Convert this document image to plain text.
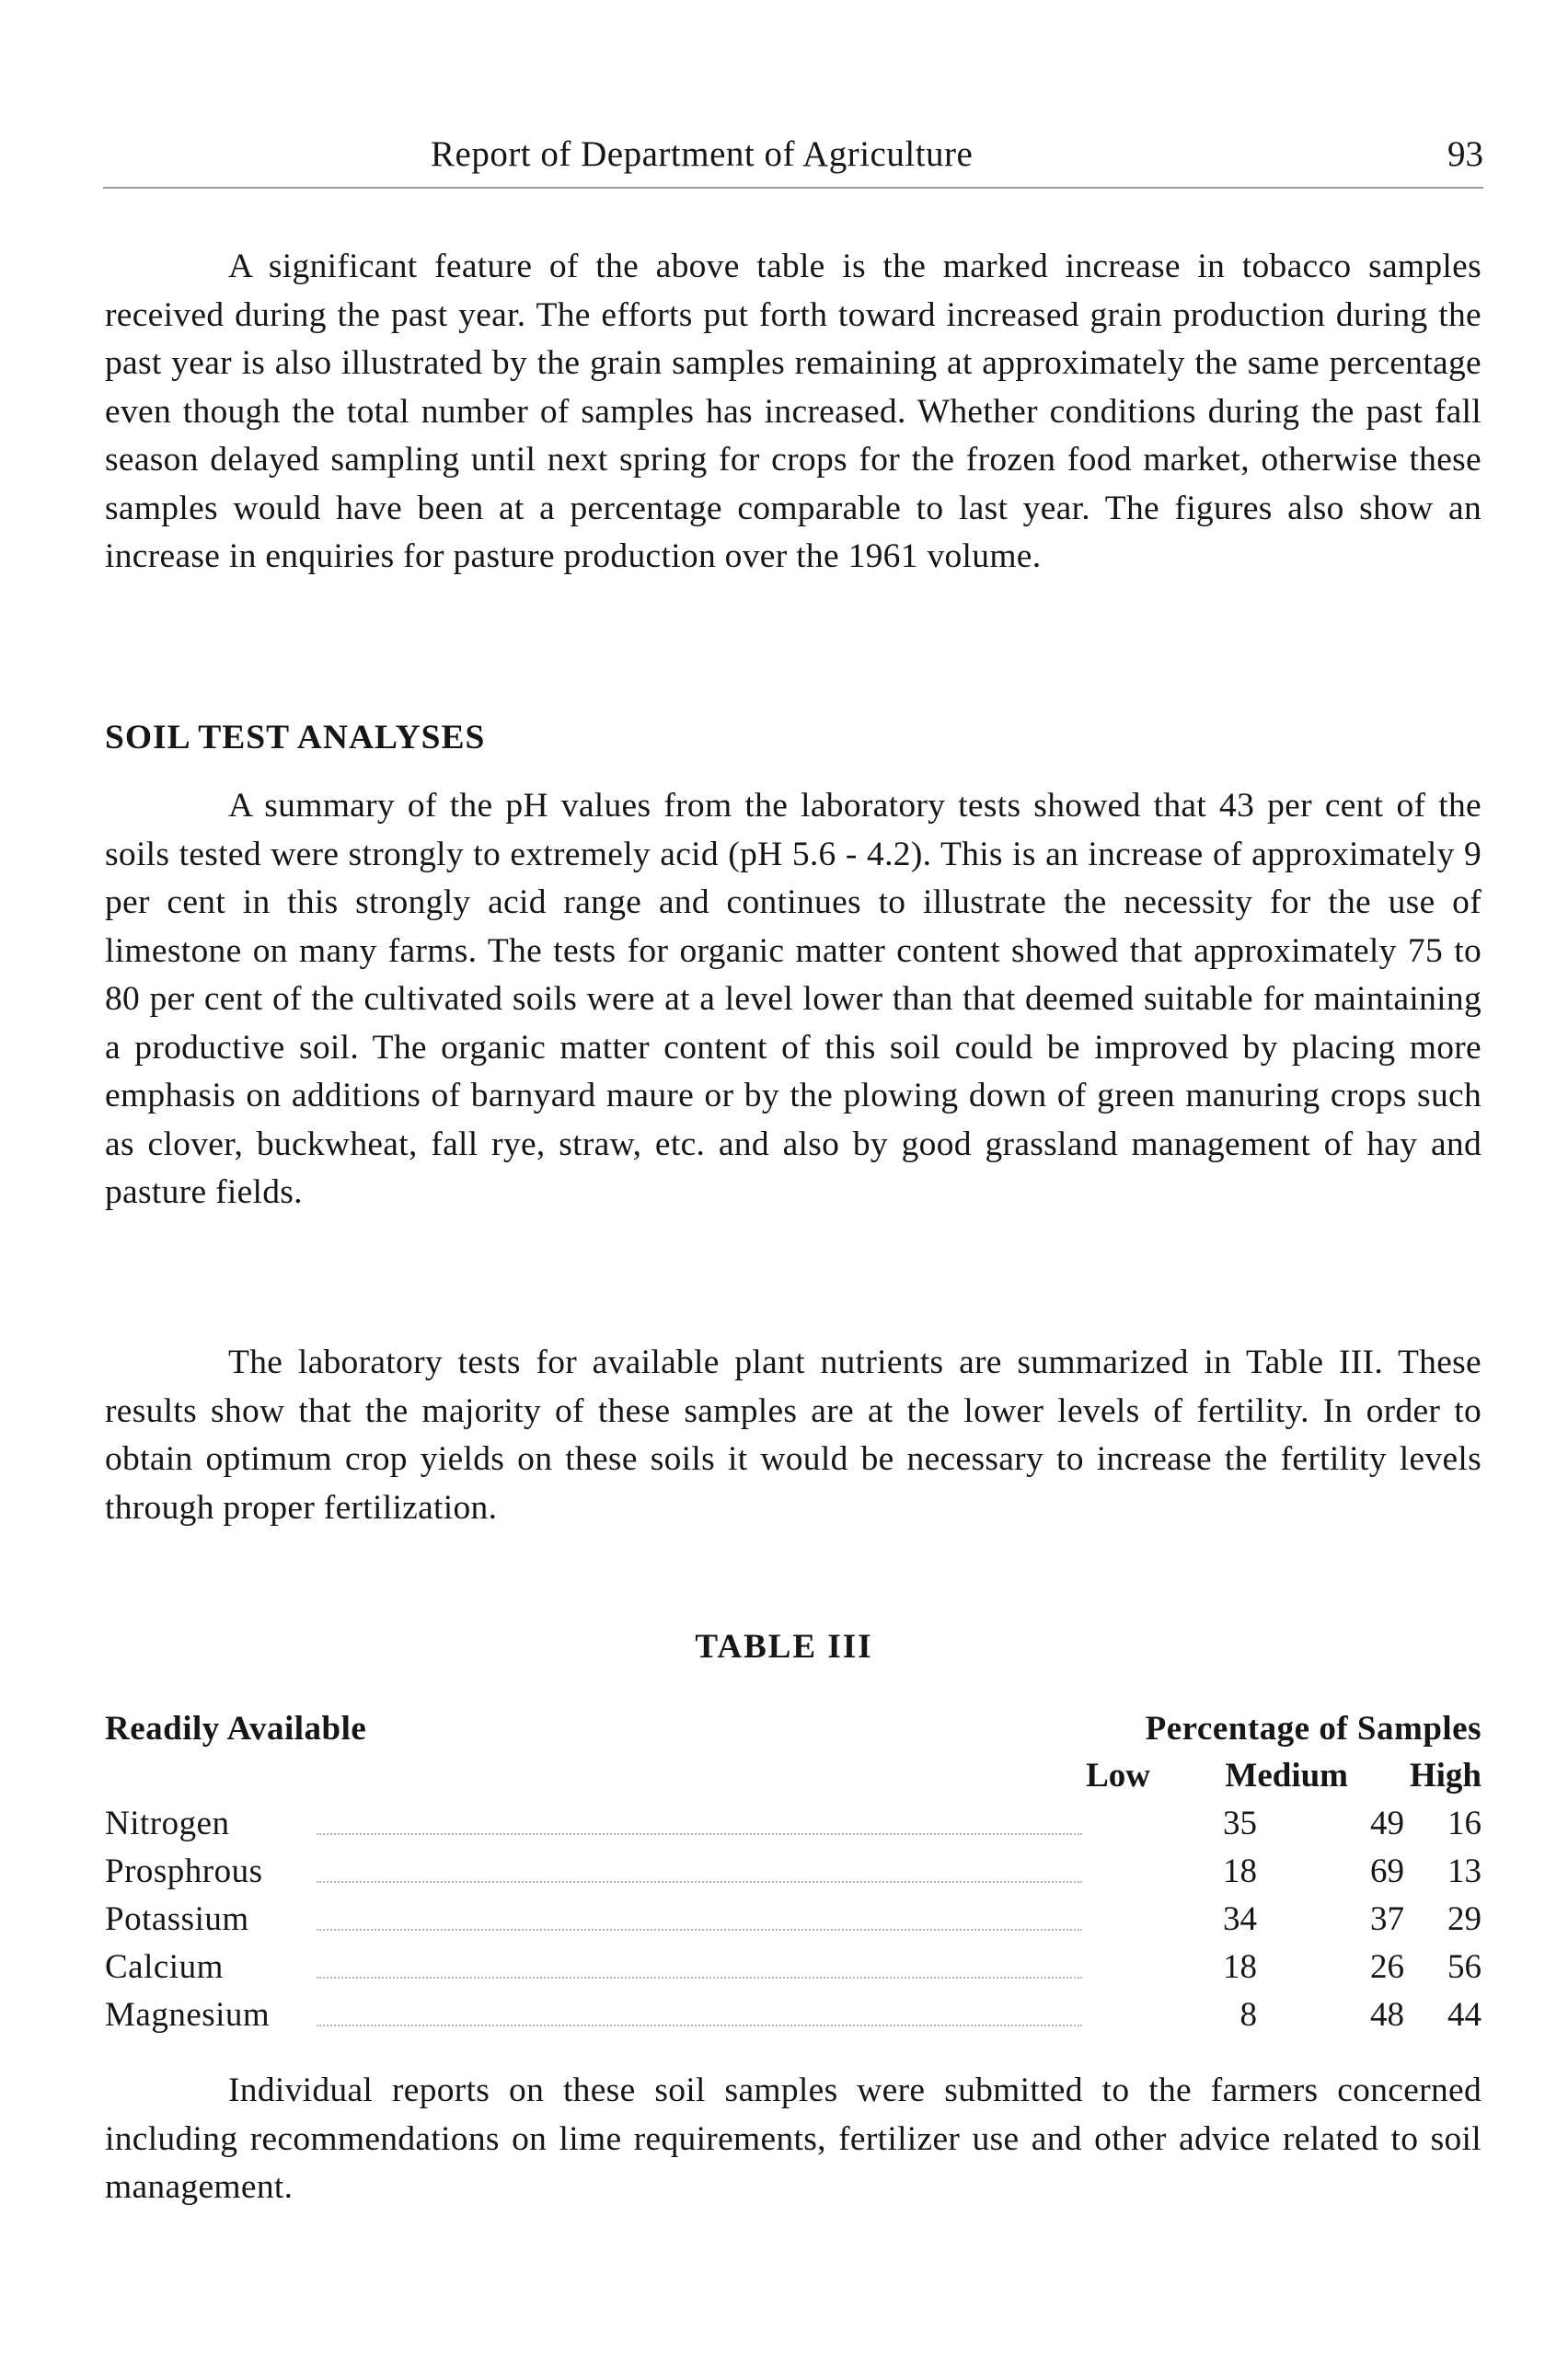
Report of Department of Agriculture	93

A significant feature of the above table is the marked increase in tobacco samples received during the past year. The efforts put forth toward increased grain production during the past year is also illustrated by the grain samples remaining at approximately the same percentage even though the total number of samples has increased. Whether conditions during the past fall season delayed sampling until next spring for crops for the frozen food market, otherwise these samples would have been at a percentage comparable to last year. The figures also show an increase in enquiries for pasture production over the 1961 volume.

SOIL TEST ANALYSES

A summary of the pH values from the laboratory tests showed that 43 per cent of the soils tested were strongly to extremely acid (pH 5.6 - 4.2). This is an increase of approximately 9 per cent in this strongly acid range and continues to illustrate the necessity for the use of limestone on many farms. The tests for organic matter content showed that approximately 75 to 80 per cent of the cultivated soils were at a level lower than that deemed suitable for maintaining a productive soil. The organic matter content of this soil could be improved by placing more emphasis on additions of barnyard maure or by the plowing down of green manuring crops such as clover, buckwheat, fall rye, straw, etc. and also by good grassland management of hay and pasture fields.

The laboratory tests for available plant nutrients are summarized in Table III. These results show that the majority of these samples are at the lower levels of fertility. In order to obtain optimum crop yields on these soils it would be necessary to increase the fertility levels through proper fertilization.

TABLE III
Readily Available	Percentage of Samples
Low	Medium	High
Nitrogen	35	49	16
Prosphrous	18	69	13
Potassium	34	37	29
Calcium	18	26	56
Magnesium	8	48	44

Individual reports on these soil samples were submitted to the farmers concerned including recommendations on lime requirements, fertilizer use and other advice related to soil management.
